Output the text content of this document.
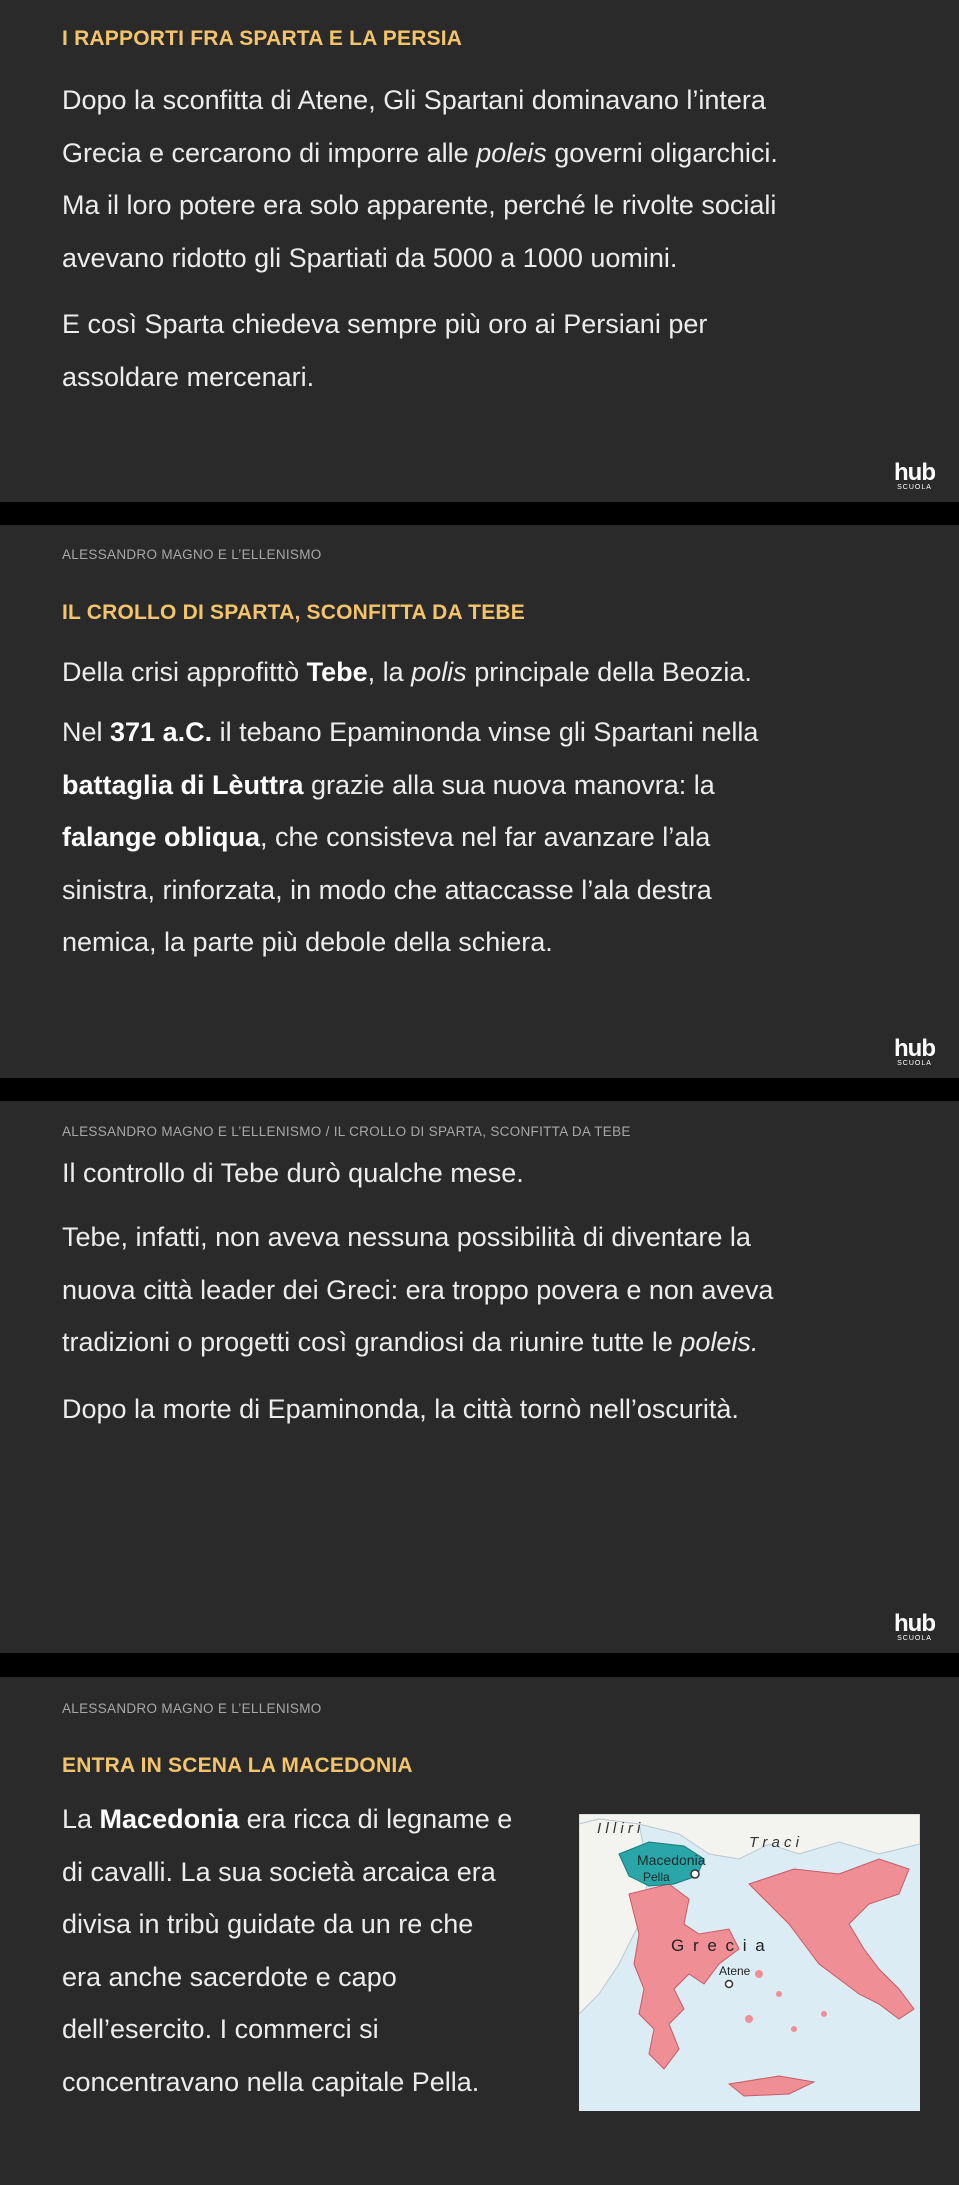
I RAPPORTI FRA SPARTA E LA PERSIA
Dopo la sconfitta di Atene, Gli Spartani dominavano l’intera
Grecia e cercarono di imporre alle poleis governi oligarchici.
Ma il loro potere era solo apparente, perché le rivolte sociali
avevano ridotto gli Spartiati da 5000 a 1000 uomini.
E così Sparta chiedeva sempre più oro ai Persiani per
assoldare mercenari.
hub
SCUOLA
ALESSANDRO MAGNO E L’ELLENISMO
IL CROLLO DI SPARTA, SCONFITTA DA TEBE
Della crisi approfittò Tebe, la polis principale della Beozia.
Nel 371 a.C. il tebano Epaminonda vinse gli Spartani nella
battaglia di Lèuttra grazie alla sua nuova manovra: la
falange obliqua, che consisteva nel far avanzare l’ala
sinistra, rinforzata, in modo che attaccasse l’ala destra
nemica, la parte più debole della schiera.
hub
SCUOLA
ALESSANDRO MAGNO E L’ELLENISMO / IL CROLLO DI SPARTA, SCONFITTA DA TEBE
Il controllo di Tebe durò qualche mese.
Tebe, infatti, non aveva nessuna possibilità di diventare la
nuova città leader dei Greci: era troppo povera e non aveva
tradizioni o progetti così grandiosi da riunire tutte le poleis.
Dopo la morte di Epaminonda, la città tornò nell’oscurità.
hub
SCUOLA
ALESSANDRO MAGNO E L’ELLENISMO
ENTRA IN SCENA LA MACEDONIA
La Macedonia era ricca di legname e
di cavalli. La sua società arcaica era
divisa in tribù guidate da un re che
era anche sacerdote e capo
dell’esercito. I commerci si
concentravano nella capitale Pella.
I l l i r i
T r a c i
Macedonia
Pella
G r e c i a
Atene
